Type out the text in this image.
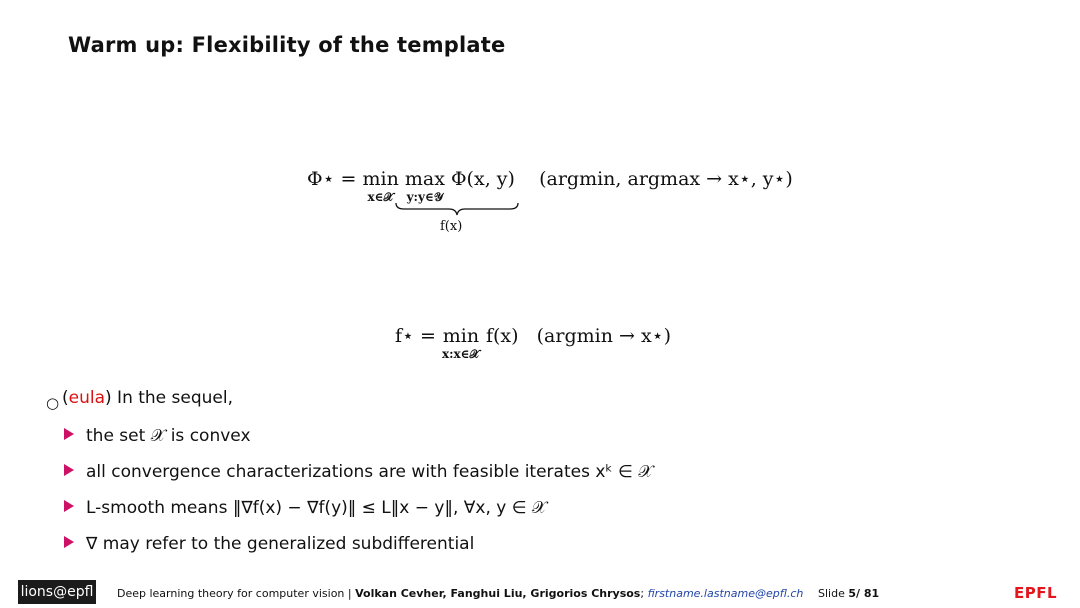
Warm up: Flexibility of the template
Φ⋆ = min
x∈𝒳
max
y:y∈𝒴
Φ(x, y) (argmin, argmax → x⋆, y⋆)
f(x)
f⋆ = min
x:x∈𝒳
f(x) (argmin → x⋆)
○ (eula) In the sequel,
the set 𝒳 is convex
all convergence characterizations are with feasible iterates xᵏ ∈ 𝒳
L-smooth means ‖∇f(x) − ∇f(y)‖ ≤ L‖x − y‖, ∀x, y ∈ 𝒳
∇ may refer to the generalized subdifferential
lions@epfl Deep learning theory for computer vision | Volkan Cevher, Fanghui Liu, Grigorios Chrysos; firstname.lastname@epfl.ch Slide 5/ 81	EPFL
